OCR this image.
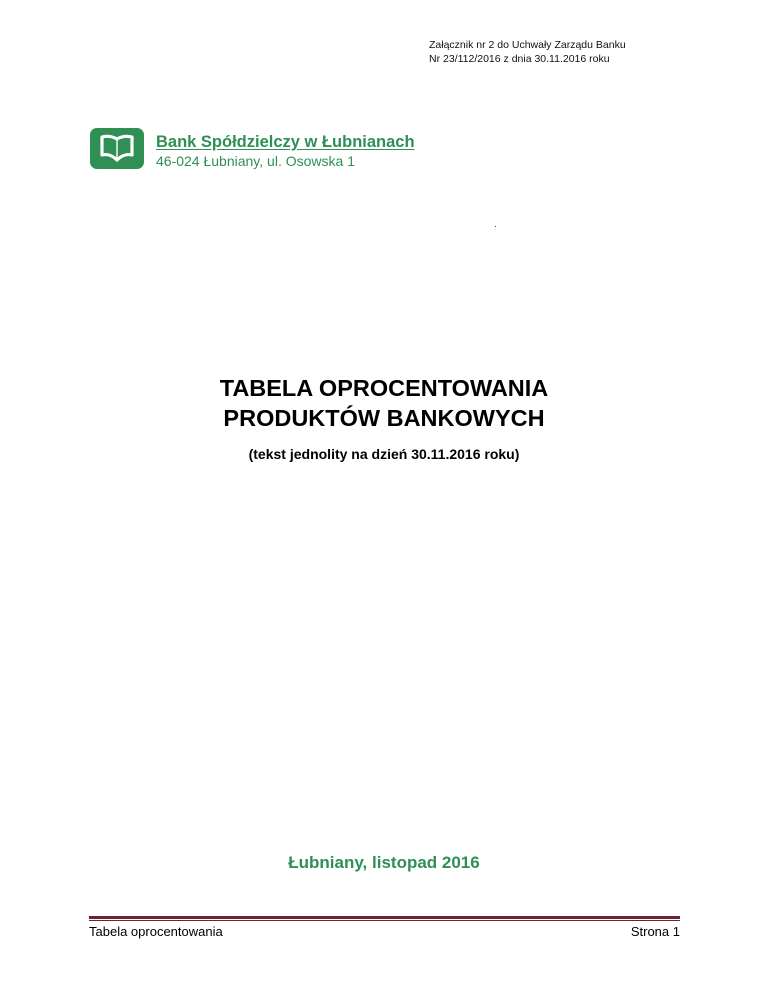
Załącznik nr 2 do Uchwały Zarządu Banku
Nr 23/112/2016 z dnia 30.11.2016 roku
Bank Spółdzielczy w Łubnianach
46-024 Łubniany, ul. Osowska 1
.
TABELA OPROCENTOWANIA
PRODUKTÓW BANKOWYCH
(tekst jednolity na dzień 30.11.2016 roku)
Łubniany, listopad 2016
Tabela oprocentowania	Strona 1
